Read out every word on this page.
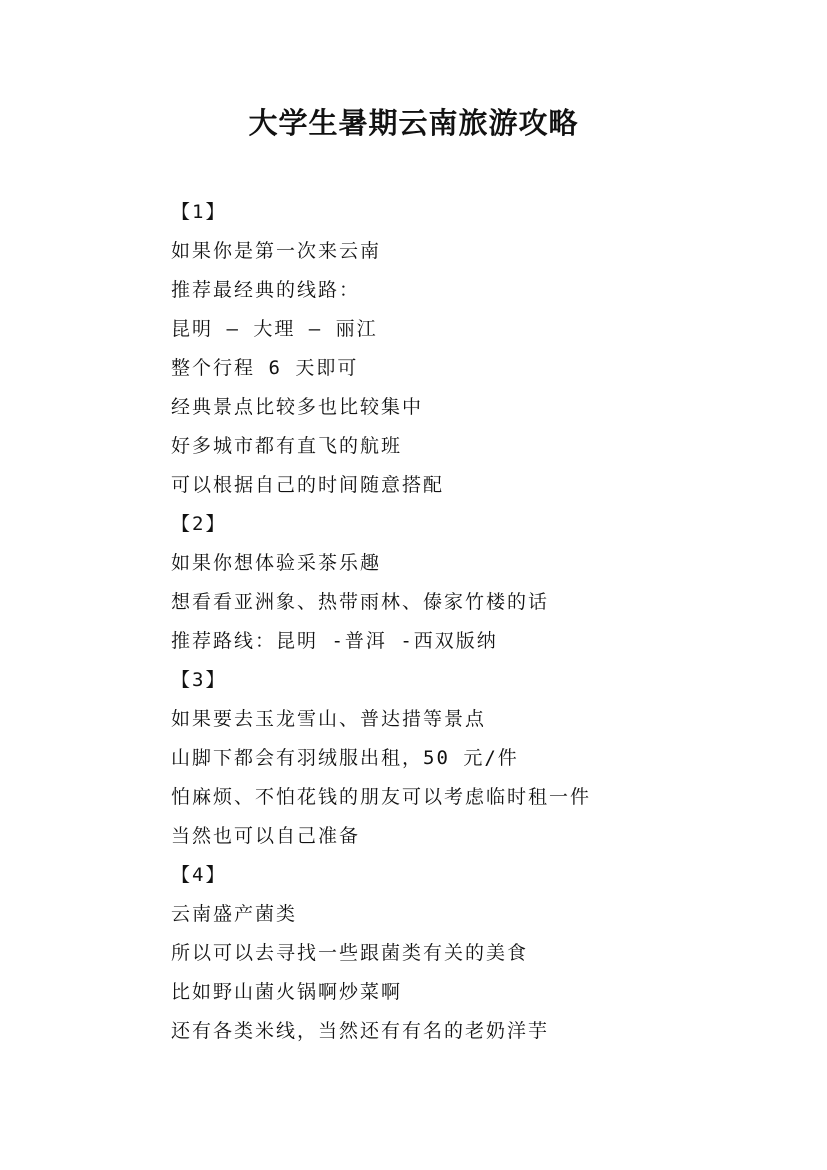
大学生暑期云南旅游攻略
【1】
如果你是第一次来云南
推荐最经典的线路：
昆明 — 大理 — 丽江
整个行程 6 天即可
经典景点比较多也比较集中
好多城市都有直飞的航班
可以根据自己的时间随意搭配
【2】
如果你想体验采茶乐趣
想看看亚洲象、热带雨林、傣家竹楼的话
推荐路线：昆明 -普洱 -西双版纳
【3】
如果要去玉龙雪山、普达措等景点
山脚下都会有羽绒服出租，50 元/件
怕麻烦、不怕花钱的朋友可以考虑临时租一件
当然也可以自己准备
【4】
云南盛产菌类
所以可以去寻找一些跟菌类有关的美食
比如野山菌火锅啊炒菜啊
还有各类米线，当然还有有名的老奶洋芋
